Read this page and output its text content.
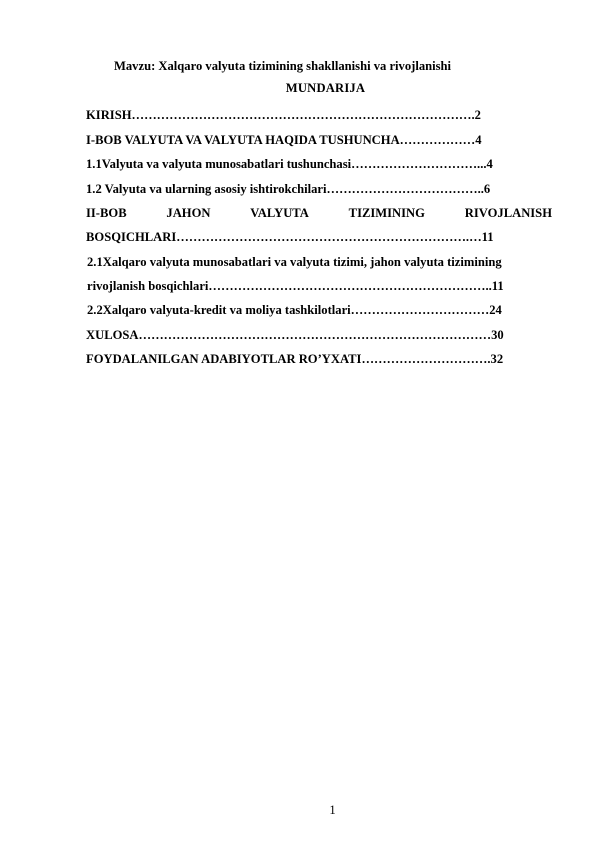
Mavzu: Xalqaro valyuta tizimining shakllanishi va rivojlanishi
MUNDARIJA
KIRISH……………………………………………………………………….2
I-BOB VALYUTA VA VALYUTA HAQIDA TUSHUNCHA………………4
1.1Valyuta va valyuta munosabatlari tushunchasi…………………………...4
1.2 Valyuta va ularning asosiy ishtirokchilari………………………………..6
II-BOB	JAHON	VALYUTA	TIZIMINING	RIVOJLANISH
BOSQICHLARI…………………………………………………………….…11
2.1Xalqaro valyuta munosabatlari va valyuta tizimi, jahon valyuta tizimining
rivojlanish bosqichlari…………………………………………………………..11
2.2Xalqaro valyuta-kredit va moliya tashkilotlari……………………………24
XULOSA…………………………………………………………………………30
FOYDALANILGAN ADABIYOTLAR RO’YXATI………………………….32
1
